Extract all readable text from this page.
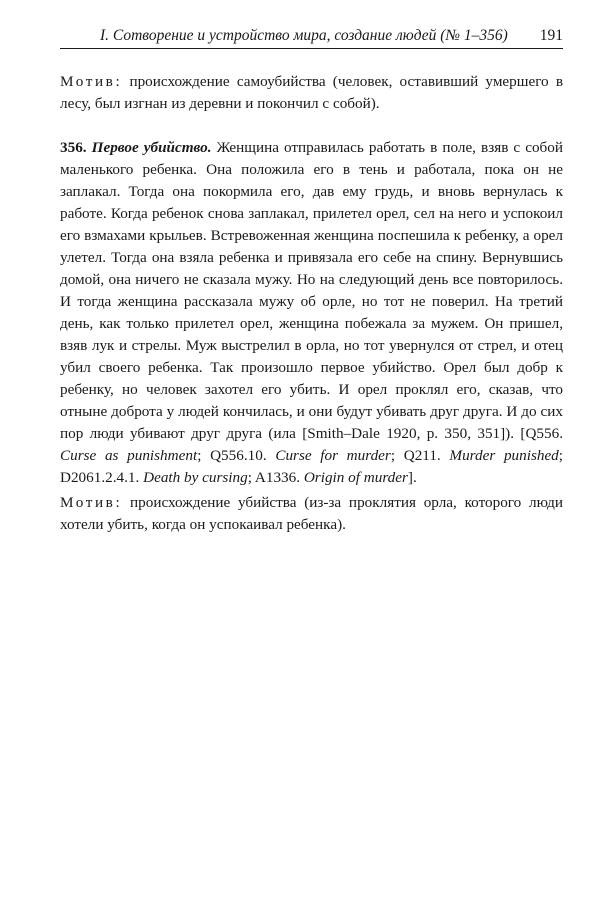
I. Сотворение и устройство мира, создание людей (№ 1–356) 191

Мотив: происхождение самоубийства (человек, оставивший умершего в лесу, был изгнан из деревни и покончил с собой).

356. Первое убийство. Женщина отправилась работать в поле, взяв с собой маленького ребенка. Она положила его в тень и работала, пока он не заплакал. Тогда она покормила его, дав ему грудь, и вновь вернулась к работе. Когда ребенок снова заплакал, прилетел орел, сел на него и успокоил его взмахами крыльев. Встревоженная женщина поспешила к ребенку, а орел улетел. Тогда она взяла ребенка и привязала его себе на спину. Вернувшись домой, она ничего не сказала мужу. Но на следующий день все повторилось. И тогда женщина рассказала мужу об орле, но тот не поверил. На третий день, как только прилетел орел, женщина побежала за мужем. Он пришел, взяв лук и стрелы. Муж выстрелил в орла, но тот увернулся от стрел, и отец убил своего ребенка. Так произошло первое убийство. Орел был добр к ребенку, но человек захотел его убить. И орел проклял его, сказав, что отныне доброта у людей кончилась, и они будут убивать друг друга. И до сих пор люди убивают друг друга (ила [Smith–Dale 1920, p. 350, 351]). [Q556. Curse as punishment; Q556.10. Curse for murder; Q211. Murder punished; D2061.2.4.1. Death by cursing; A1336. Origin of murder].

Мотив: происхождение убийства (из-за проклятия орла, которого люди хотели убить, когда он успокаивал ребенка).
